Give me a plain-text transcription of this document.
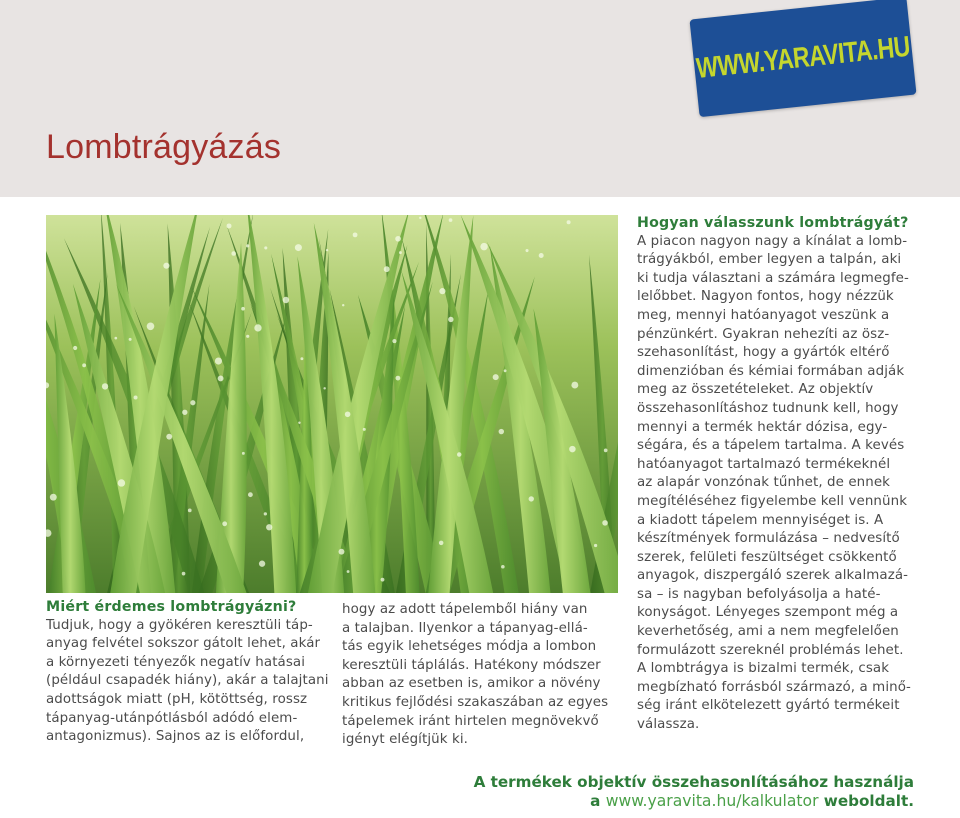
WWW.YARAVITA.HU
Lombtrágyázás
Miért érdemes lombtrágyázni?
Tudjuk, hogy a gyökéren keresztüli táp-
anyag felvétel sokszor gátolt lehet, akár
a környezeti tényezők negatív hatásai
(például csapadék hiány), akár a talajtani
adottságok miatt (pH, kötöttség, rossz
tápanyag-utánpótlásból adódó elem-
antagonizmus). Sajnos az is előfordul,
hogy az adott tápelemből hiány van
a talajban. Ilyenkor a tápanyag-ellá-
tás egyik lehetséges módja a lombon
keresztüli táplálás. Hatékony módszer
abban az esetben is, amikor a növény
kritikus fejlődési szakaszában az egyes
tápelemek iránt hirtelen megnövekvő
igényt elégítjük ki.
Hogyan válasszunk lombtrágyát?
A piacon nagyon nagy a kínálat a lomb-
trágyákból, ember legyen a talpán, aki
ki tudja választani a számára legmegfe-
lelőbbet. Nagyon fontos, hogy nézzük
meg, mennyi hatóanyagot veszünk a
pénzünkért. Gyakran nehezíti az ösz-
szehasonlítást, hogy a gyártók eltérő
dimenzióban és kémiai formában adják
meg az összetételeket. Az objektív
összehasonlításhoz tudnunk kell, hogy
mennyi a termék hektár dózisa, egy-
ségára, és a tápelem tartalma. A kevés
hatóanyagot tartalmazó termékeknél
az alapár vonzónak tűnhet, de ennek
megítéléséhez figyelembe kell vennünk
a kiadott tápelem mennyiséget is. A
készítmények formulázása – nedvesítő
szerek, felületi feszültséget csökkentő
anyagok, diszpergáló szerek alkalmazá-
sa – is nagyban befolyásolja a haté-
konyságot. Lényeges szempont még a
keverhetőség, ami a nem megfelelően
formulázott szereknél problémás lehet.
A lombtrágya is bizalmi termék, csak
megbízható forrásból származó, a minő-
ség iránt elkötelezett gyártó termékeit
válassza.
A termékek objektív összehasonlításához használja
a www.yaravita.hu/kalkulator weboldalt.
